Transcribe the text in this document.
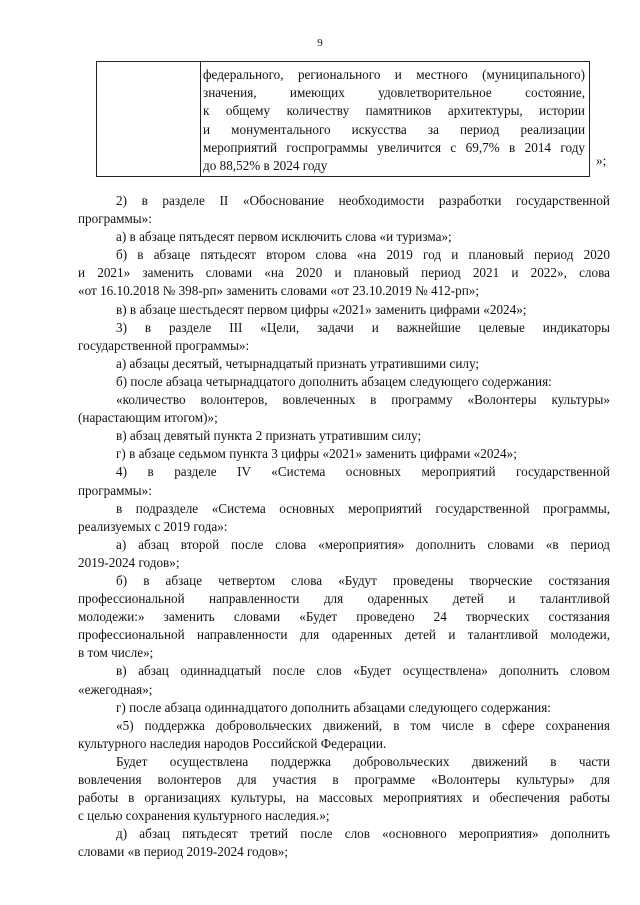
9
федерального, регионального и местного (муниципального)
значения, имеющих удовлетворительное состояние,
к общему количеству памятников архитектуры, истории
и монументального искусства за период реализации
мероприятий госпрограммы увеличится с 69,7% в 2014 году
до 88,52% в 2024 году	»;
2) в разделе II «Обоснование необходимости разработки государственной
программы»:
а) в абзаце пятьдесят первом исключить слова «и туризма»;
б) в абзаце пятьдесят втором слова «на 2019 год и плановый период 2020
и 2021» заменить словами «на 2020 и плановый период 2021 и 2022», слова
«от 16.10.2018 № 398-рп» заменить словами «от 23.10.2019 № 412-рп»;
в) в абзаце шестьдесят первом цифры «2021» заменить цифрами «2024»;
3) в разделе III «Цели, задачи и важнейшие целевые индикаторы
государственной программы»:
а) абзацы десятый, четырнадцатый признать утратившими силу;
б) после абзаца четырнадцатого дополнить абзацем следующего содержания:
«количество волонтеров, вовлеченных в программу «Волонтеры культуры»
(нарастающим итогом)»;
в) абзац девятый пункта 2 признать утратившим силу;
г) в абзаце седьмом пункта 3 цифры «2021» заменить цифрами «2024»;
4) в разделе IV «Система основных мероприятий государственной
программы»:
в подразделе «Система основных мероприятий государственной программы,
реализуемых с 2019 года»:
а) абзац второй после слова «мероприятия» дополнить словами «в период
2019-2024 годов»;
б) в абзаце четвертом слова «Будут проведены творческие состязания
профессиональной направленности для одаренных детей и талантливой
молодежи:» заменить словами «Будет проведено 24 творческих состязания
профессиональной направленности для одаренных детей и талантливой молодежи,
в том числе»;
в) абзац одиннадцатый после слов «Будет осуществлена» дополнить словом
«ежегодная»;
г) после абзаца одиннадцатого дополнить абзацами следующего содержания:
«5) поддержка добровольческих движений, в том числе в сфере сохранения
культурного наследия народов Российской Федерации.
Будет осуществлена поддержка добровольческих движений в части
вовлечения волонтеров для участия в программе «Волонтеры культуры» для
работы в организациях культуры, на массовых мероприятиях и обеспечения работы
с целью сохранения культурного наследия.»;
д) абзац пятьдесят третий после слов «основного мероприятия» дополнить
словами «в период 2019-2024 годов»;
